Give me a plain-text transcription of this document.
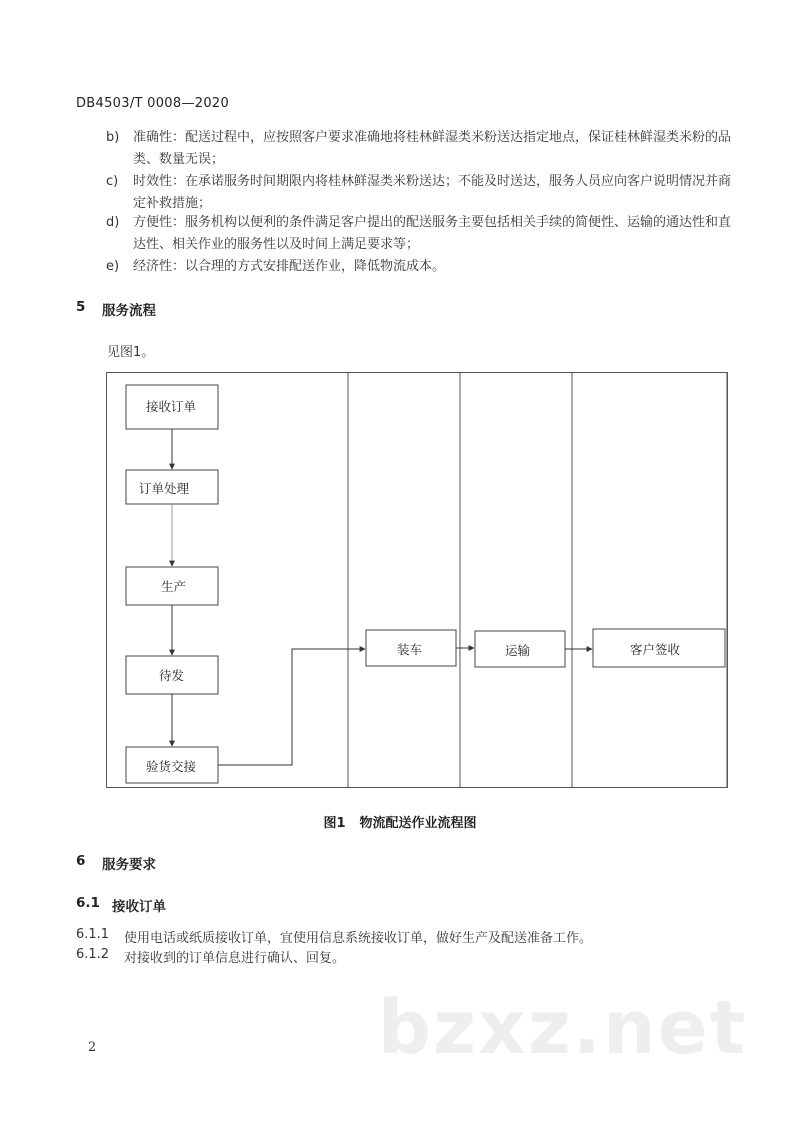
DB4503/T 0008—2020
b) 准确性：配送过程中，应按照客户要求准确地将桂林鲜湿类米粉送达指定地点，保证桂林鲜湿类米粉的品类、数量无误；
c) 时效性：在承诺服务时间期限内将桂林鲜湿类米粉送达；不能及时送达，服务人员应向客户说明情况并商定补救措施；
d) 方便性：服务机构以便利的条件满足客户提出的配送服务主要包括相关手续的简便性、运输的通达性和直达性、相关作业的服务性以及时间上满足要求等；
e) 经济性：以合理的方式安排配送作业，降低物流成本。
5 服务流程
见图1。
接收订单
订单处理
生产
待发
验货交接
装车	运输	客户签收
图1 物流配送作业流程图
6 服务要求
6.1 接收订单
6.1.1 使用电话或纸质接收订单，宜使用信息系统接收订单，做好生产及配送准备工作。
6.1.2 对接收到的订单信息进行确认、回复。
bzxz.net
2
